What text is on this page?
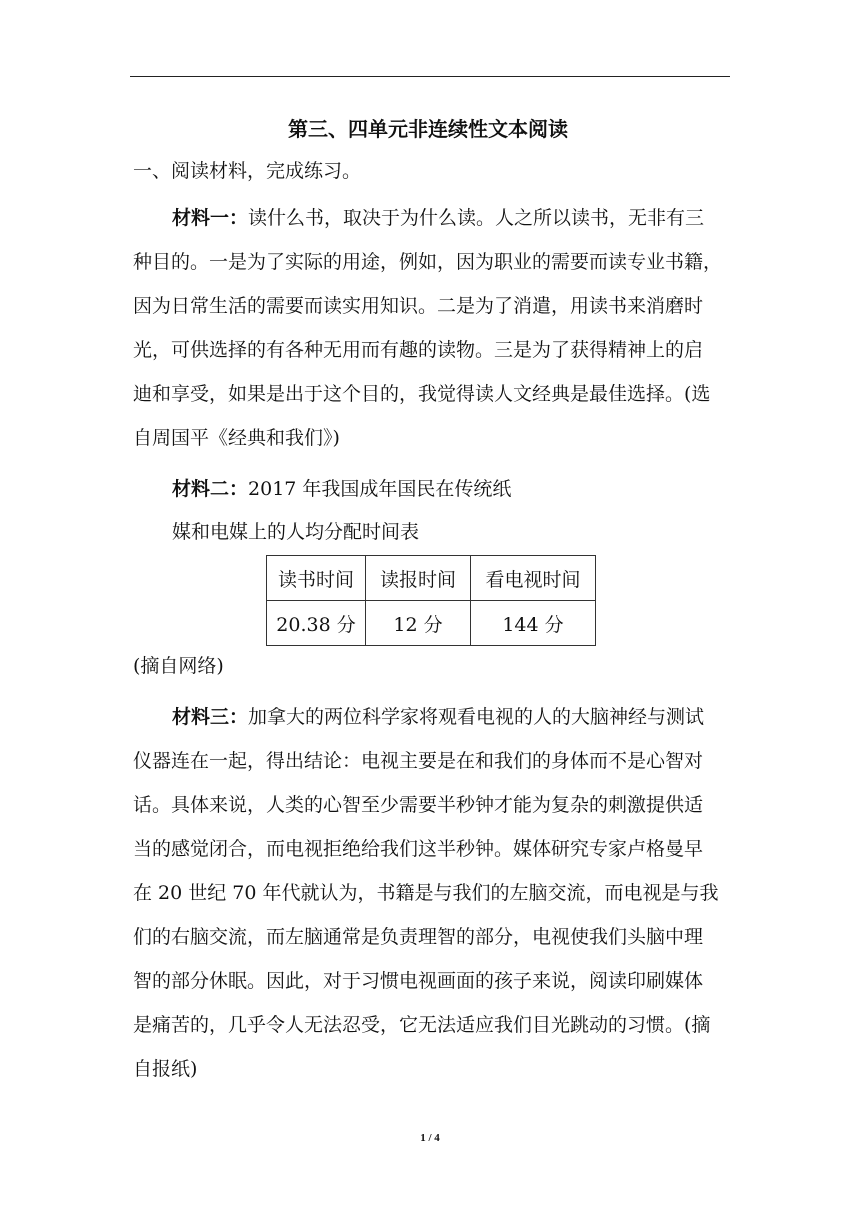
第三、四单元非连续性文本阅读
一、阅读材料，完成练习。
材料一：读什么书，取决于为什么读。人之所以读书，无非有三
种目的。一是为了实际的用途，例如，因为职业的需要而读专业书籍，
因为日常生活的需要而读实用知识。二是为了消遣，用读书来消磨时
光，可供选择的有各种无用而有趣的读物。三是为了获得精神上的启
迪和享受，如果是出于这个目的，我觉得读人文经典是最佳选择。(选
自周国平《经典和我们》)
材料二：2017 年我国成年国民在传统纸
媒和电媒上的人均分配时间表
读书时间	读报时间	看电视时间
20.38 分	12 分	144 分
(摘自网络)
材料三：加拿大的两位科学家将观看电视的人的大脑神经与测试
仪器连在一起，得出结论：电视主要是在和我们的身体而不是心智对
话。具体来说，人类的心智至少需要半秒钟才能为复杂的刺激提供适
当的感觉闭合，而电视拒绝给我们这半秒钟。媒体研究专家卢格曼早
在 20 世纪 70 年代就认为，书籍是与我们的左脑交流，而电视是与我
们的右脑交流，而左脑通常是负责理智的部分，电视使我们头脑中理
智的部分休眠。因此，对于习惯电视画面的孩子来说，阅读印刷媒体
是痛苦的，几乎令人无法忍受，它无法适应我们目光跳动的习惯。(摘
自报纸)
1 / 4
